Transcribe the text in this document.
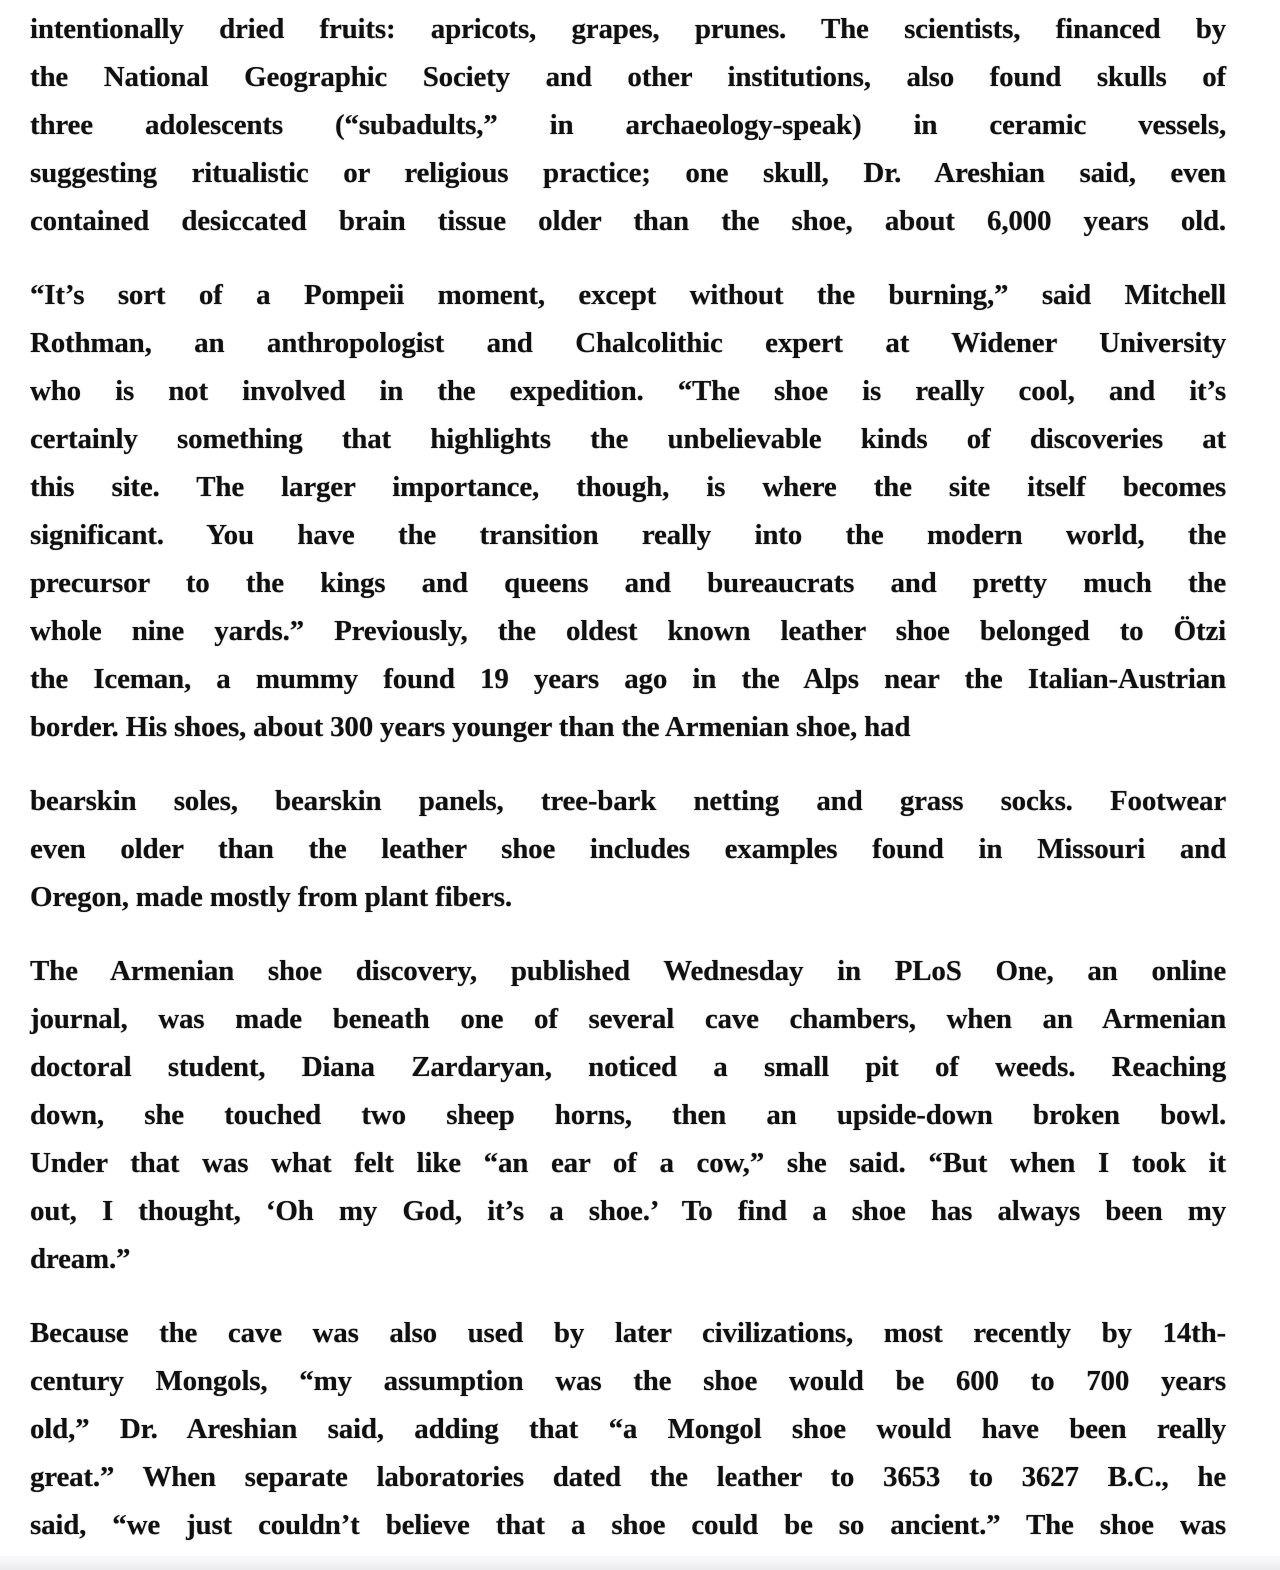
intentionally dried fruits: apricots, grapes, prunes. The scientists, financed by
the National Geographic Society and other institutions, also found skulls of
three adolescents (“subadults,” in archaeology-speak) in ceramic vessels,
suggesting ritualistic or religious practice; one skull, Dr. Areshian said, even
contained desiccated brain tissue older than the shoe, about 6,000 years old.

“It’s sort of a Pompeii moment, except without the burning,” said Mitchell
Rothman, an anthropologist and Chalcolithic expert at Widener University
who is not involved in the expedition. “The shoe is really cool, and it’s
certainly something that highlights the unbelievable kinds of discoveries at
this site. The larger importance, though, is where the site itself becomes
significant. You have the transition really into the modern world, the
precursor to the kings and queens and bureaucrats and pretty much the
whole nine yards.” Previously, the oldest known leather shoe belonged to Ötzi
the Iceman, a mummy found 19 years ago in the Alps near the Italian-Austrian
border. His shoes, about 300 years younger than the Armenian shoe, had

bearskin soles, bearskin panels, tree-bark netting and grass socks. Footwear
even older than the leather shoe includes examples found in Missouri and
Oregon, made mostly from plant fibers.

The Armenian shoe discovery, published Wednesday in PLoS One, an online
journal, was made beneath one of several cave chambers, when an Armenian
doctoral student, Diana Zardaryan, noticed a small pit of weeds. Reaching
down, she touched two sheep horns, then an upside-down broken bowl.
Under that was what felt like “an ear of a cow,” she said. “But when I took it
out, I thought, ‘Oh my God, it’s a shoe.’ To find a shoe has always been my
dream.”

Because the cave was also used by later civilizations, most recently by 14th-
century Mongols, “my assumption was the shoe would be 600 to 700 years
old,” Dr. Areshian said, adding that “a Mongol shoe would have been really
great.” When separate laboratories dated the leather to 3653 to 3627 B.C., he
said, “we just couldn’t believe that a shoe could be so ancient.” The shoe was
